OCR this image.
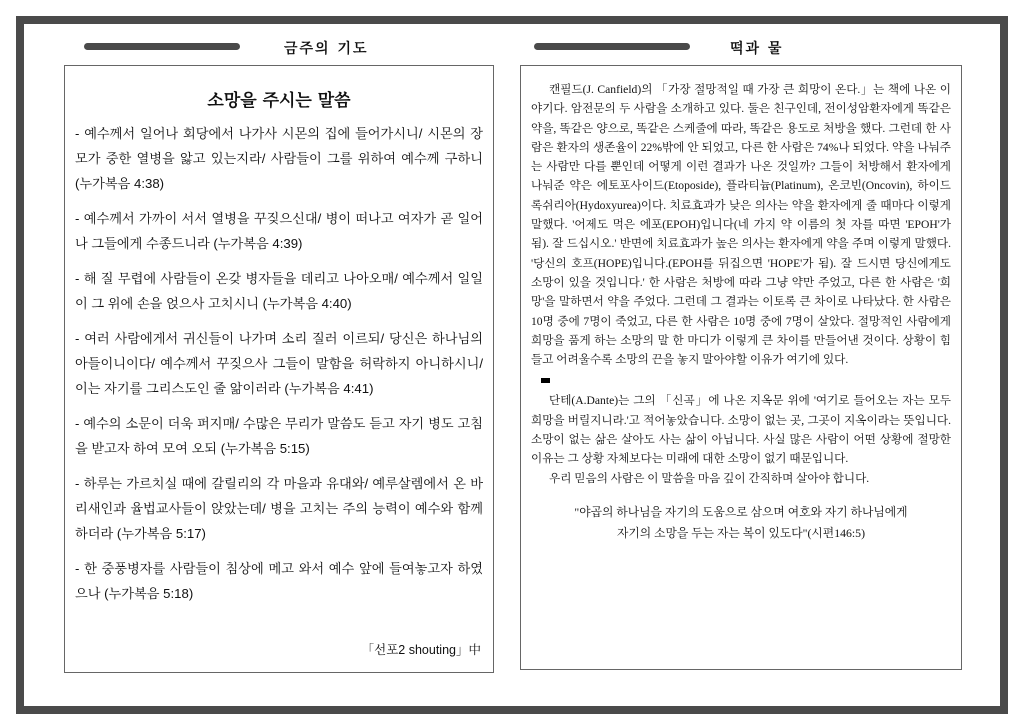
금주의 기도	떡과 물
소망을 주시는 말씀
- 예수께서 일어나 회당에서 나가사 시몬의 집에 들어가시니/ 시몬의 장모가 중한 열병을 앓고 있는지라/ 사람들이 그를 위하여 예수께 구하니 (누가복음 4:38)
- 예수께서 가까이 서서 열병을 꾸짖으신대/ 병이 떠나고 여자가 곧 일어나 그들에게 수종드니라 (누가복음 4:39)
- 해 질 무렵에 사람들이 온갖 병자들을 데리고 나아오매/ 예수께서 일일이 그 위에 손을 얹으사 고치시니 (누가복음 4:40)
- 여러 사람에게서 귀신들이 나가며 소리 질러 이르되/ 당신은 하나님의 아들이니이다/ 예수께서 꾸짖으사 그들이 말함을 허락하지 아니하시니/ 이는 자기를 그리스도인 줄 앎이러라 (누가복음 4:41)
- 예수의 소문이 더욱 퍼지매/ 수많은 무리가 말씀도 듣고 자기 병도 고침을 받고자 하여 모여 오되 (누가복음 5:15)
- 하루는 가르치실 때에 갈릴리의 각 마을과 유대와/ 예루살렘에서 온 바리새인과 율법교사들이 앉았는데/ 병을 고치는 주의 능력이 예수와 함께 하더라 (누가복음 5:17)
- 한 중풍병자를 사람들이 침상에 메고 와서 예수 앞에 들여놓고자 하였으나 (누가복음 5:18)
「선포2 shouting」中

캔필드(J. Canfield)의 「가장 절망적일 때 가장 큰 희망이 온다.」는 책에 나온 이야기다. 암전문의 두 사람을 소개하고 있다. 둘은 친구인데, 전이성암환자에게 똑같은 약을, 똑같은 양으로, 똑같은 스케줄에 따라, 똑같은 용도로 처방을 했다. 그런데 한 사람은 환자의 생존율이 22%밖에 안 되었고, 다른 한 사람은 74%나 되었다. 약을 나눠주는 사람만 다를 뿐인데 어떻게 이런 결과가 나온 것일까? 그들이 처방해서 환자에게 나눠준 약은 에토포사이드(Etoposide), 플라티늄(Platinum), 온코빈(Oncovin), 하이드록쉬리아(Hydoxyurea)이다. 치료효과가 낮은 의사는 약을 환자에게 줄 때마다 이렇게 말했다. '어제도 먹은 에포(EPOH)입니다(네 가지 약 이름의 첫 자를 따면 'EPOH'가 됨). 잘 드십시오.' 반면에 치료효과가 높은 의사는 환자에게 약을 주며 이렇게 말했다. '당신의 호프(HOPE)입니다.(EPOH를 뒤집으면 'HOPE'가 됨). 잘 드시면 당신에게도 소망이 있을 것입니다.' 한 사람은 처방에 따라 그냥 약만 주었고, 다른 한 사람은 '희망'을 말하면서 약을 주었다. 그런데 그 결과는 이토록 큰 차이로 나타났다. 한 사람은 10명 중에 7명이 죽었고, 다른 한 사람은 10명 중에 7명이 살았다. 절망적인 사람에게 희망을 품게 하는 소망의 말 한 마디가 이렇게 큰 차이를 만들어낸 것이다. 상황이 힘들고 어려울수록 소망의 끈을 놓지 말아야할 이유가 여기에 있다.

단테(A.Dante)는 그의 「신곡」에 나온 지옥문 위에 '여기로 들어오는 자는 모두 희망을 버릴지니라.'고 적어놓았습니다. 소망이 없는 곳, 그곳이 지옥이라는 뜻입니다. 소망이 없는 삶은 살아도 사는 삶이 아닙니다. 사실 많은 사람이 어떤 상황에 절망한 이유는 그 상황 자체보다는 미래에 대한 소망이 없기 때문입니다.

우리 믿음의 사람은 이 말씀을 마음 깊이 간직하며 살아야 합니다.

"야곱의 하나님을 자기의 도움으로 삼으며 여호와 자기 하나님에게
자기의 소망을 두는 자는 복이 있도다"(시편146:5)
